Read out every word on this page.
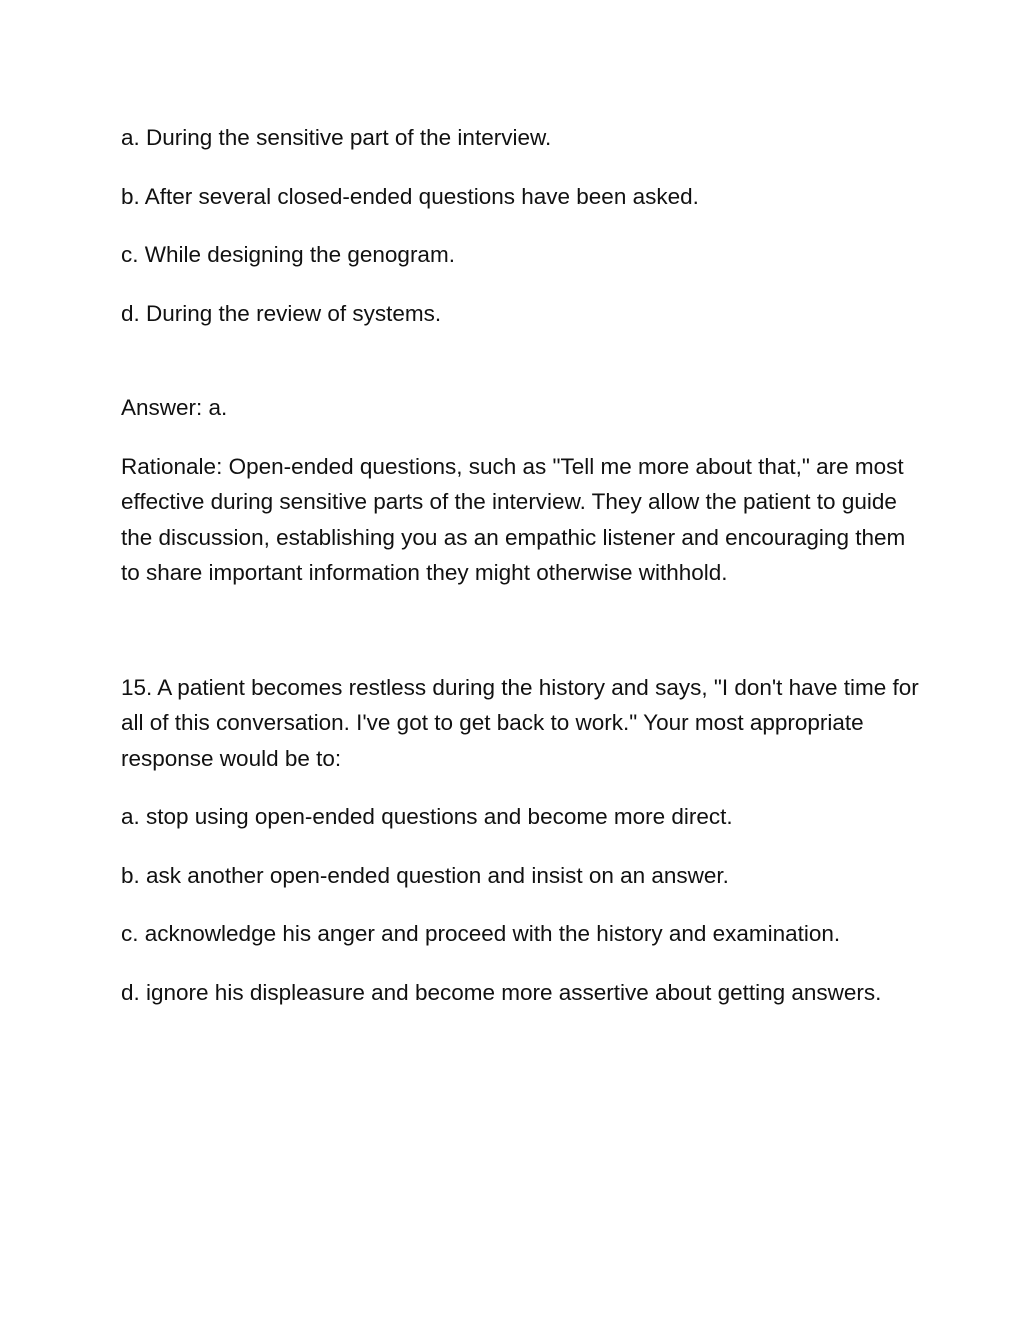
a. During the sensitive part of the interview.

b. After several closed-ended questions have been asked.

c. While designing the genogram.

d. During the review of systems.

Answer: a.

Rationale: Open-ended questions, such as "Tell me more about that," are most effective during sensitive parts of the interview. They allow the patient to guide the discussion, establishing you as an empathic listener and encouraging them to share important information they might otherwise withhold.

15. A patient becomes restless during the history and says, "I don't have time for all of this conversation. I've got to get back to work." Your most appropriate response would be to:

a. stop using open-ended questions and become more direct.

b. ask another open-ended question and insist on an answer.

c. acknowledge his anger and proceed with the history and examination.

d. ignore his displeasure and become more assertive about getting answers.
